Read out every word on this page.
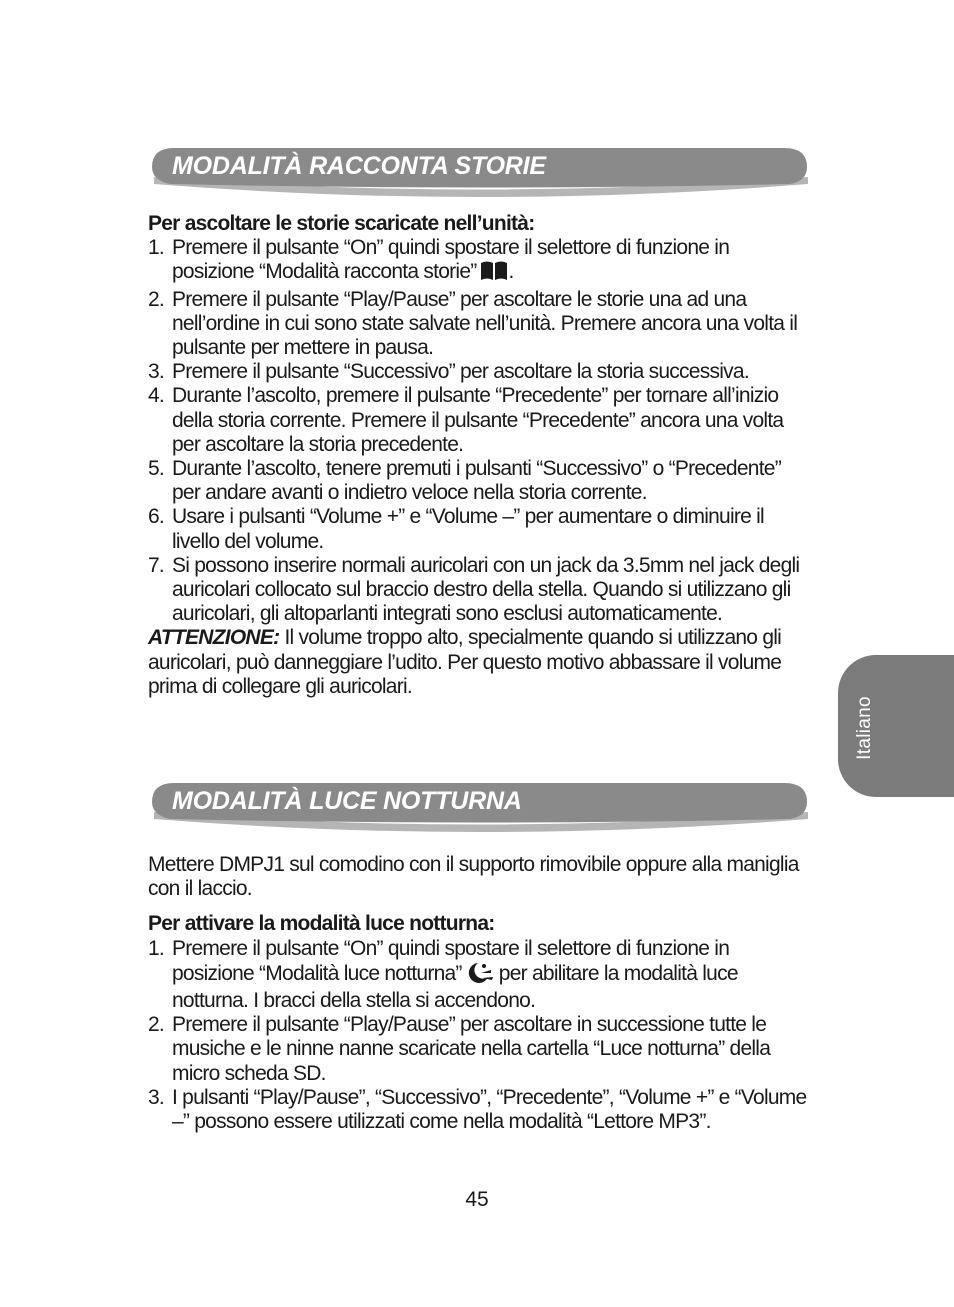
MODALITÀ RACCONTA STORIE
Per ascoltare le storie scaricate nell’unità:
1. Premere il pulsante “On” quindi spostare il selettore di funzione in posizione “Modalità racconta storie” .
2. Premere il pulsante “Play/Pause” per ascoltare le storie una ad una nell’ordine in cui sono state salvate nell’unità. Premere ancora una volta il pulsante per mettere in pausa.
3. Premere il pulsante “Successivo” per ascoltare la storia successiva.
4. Durante l’ascolto, premere il pulsante “Precedente” per tornare all’inizio della storia corrente. Premere il pulsante “Precedente” ancora una volta per ascoltare la storia precedente.
5. Durante l’ascolto, tenere premuti i pulsanti “Successivo” o “Precedente” per andare avanti o indietro veloce nella storia corrente.
6. Usare i pulsanti “Volume +” e “Volume –” per aumentare o diminuire il livello del volume.
7. Si possono inserire normali auricolari con un jack da 3.5mm nel jack degli auricolari collocato sul braccio destro della stella. Quando si utilizzano gli auricolari, gli altoparlanti integrati sono esclusi automaticamente.

ATTENZIONE: Il volume troppo alto, specialmente quando si utilizzano gli auricolari, può danneggiare l’udito. Per questo motivo abbassare il volume prima di collegare gli auricolari.

MODALITÀ LUCE NOTTURNA

Mettere DMPJ1 sul comodino con il supporto rimovibile oppure alla maniglia con il laccio.

Per attivare la modalità luce notturna:
1. Premere il pulsante “On” quindi spostare il selettore di funzione in posizione “Modalità luce notturna” per abilitare la modalità luce notturna. I bracci della stella si accendono.
2. Premere il pulsante “Play/Pause” per ascoltare in successione tutte le musiche e le ninne nanne scaricate nella cartella “Luce notturna” della micro scheda SD.
3. I pulsanti “Play/Pause”, “Successivo”, “Precedente”, “Volume +” e “Volume –” possono essere utilizzati come nella modalità “Lettore MP3”.
Italiano
45
